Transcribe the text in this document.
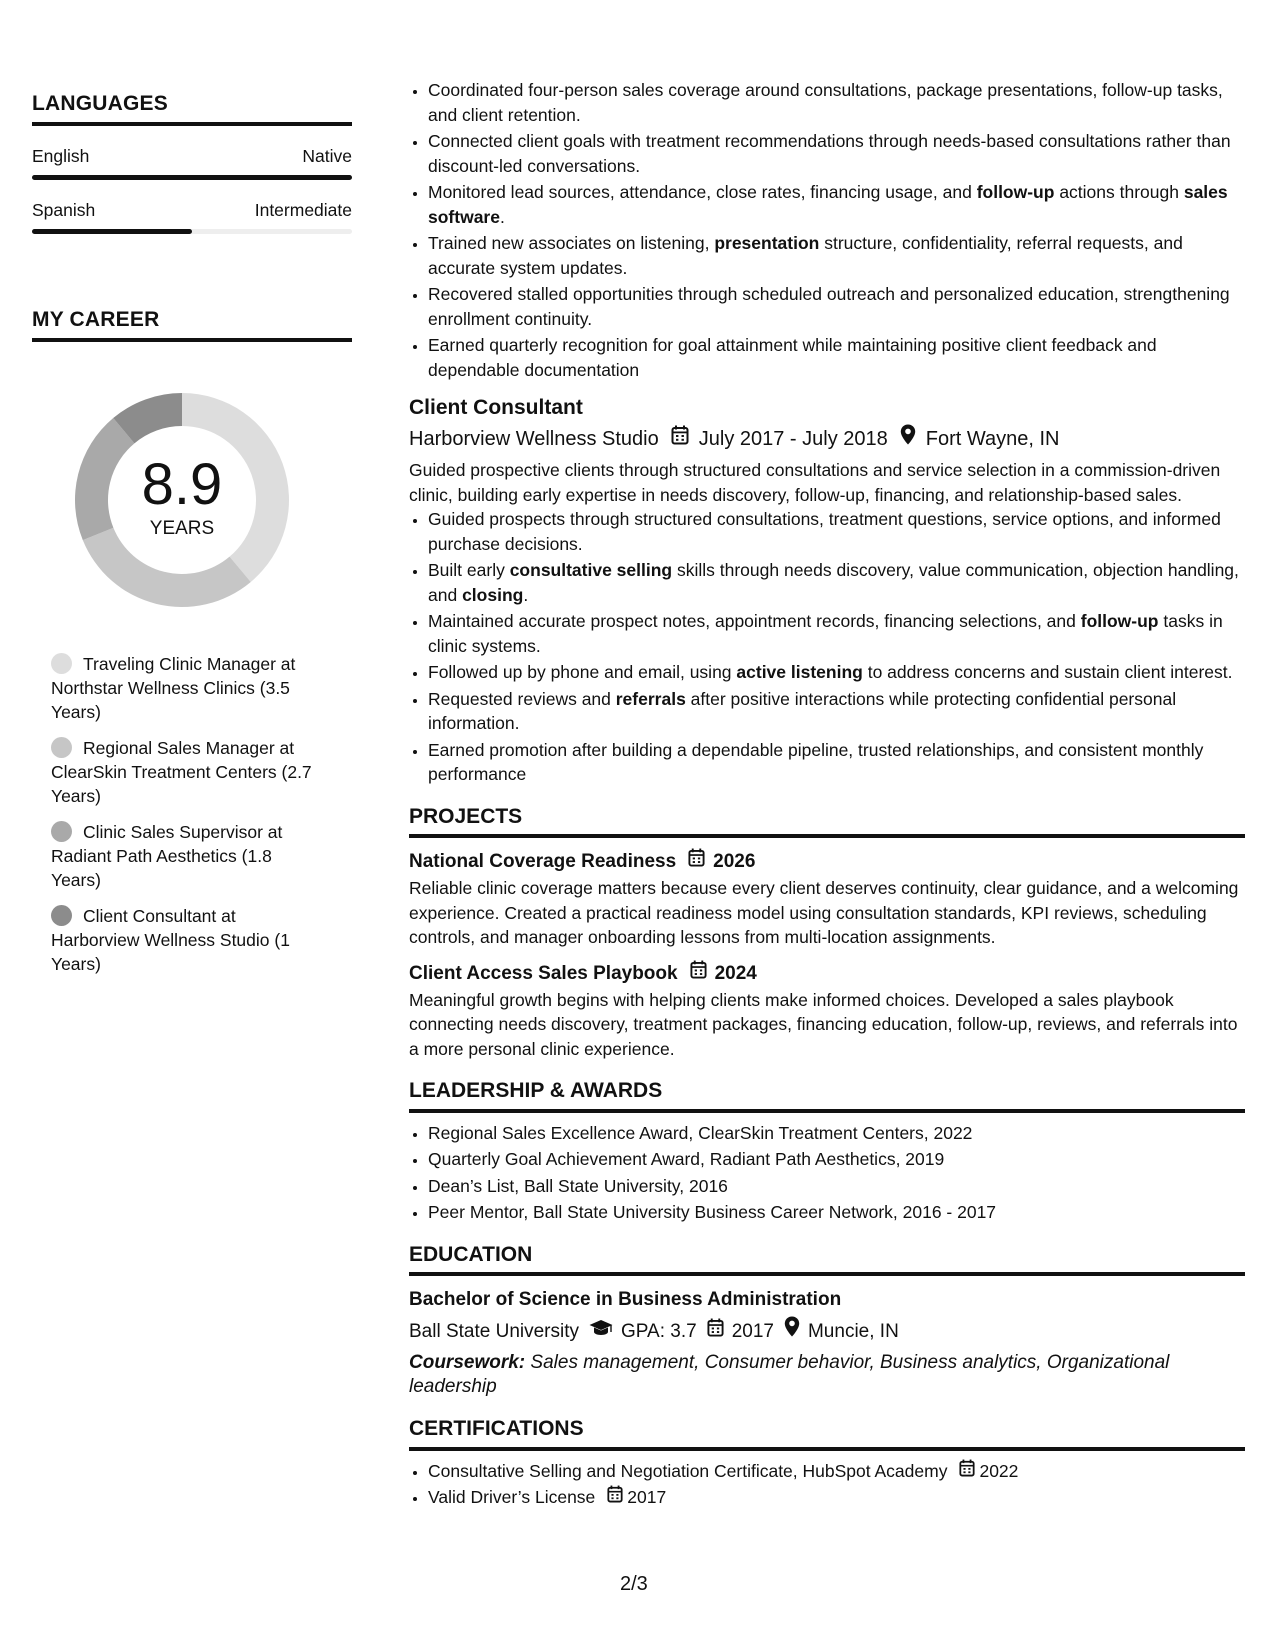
LANGUAGES
English	Native
Spanish	Intermediate
MY CAREER
8.9
YEARS
Traveling Clinic Manager at Northstar Wellness Clinics (3.5 Years)
Regional Sales Manager at ClearSkin Treatment Centers (2.7 Years)
Clinic Sales Supervisor at Radiant Path Aesthetics (1.8 Years)
Client Consultant at Harborview Wellness Studio (1 Years)
• Coordinated four-person sales coverage around consultations, package presentations, follow-up tasks, and client retention.
• Connected client goals with treatment recommendations through needs-based consultations rather than discount-led conversations.
• Monitored lead sources, attendance, close rates, financing usage, and follow-up actions through sales software.
• Trained new associates on listening, presentation structure, confidentiality, referral requests, and accurate system updates.
• Recovered stalled opportunities through scheduled outreach and personalized education, strengthening enrollment continuity.
• Earned quarterly recognition for goal attainment while maintaining positive client feedback and dependable documentation
Client Consultant
Harborview Wellness Studio July 2017 - July 2018 Fort Wayne, IN
Guided prospective clients through structured consultations and service selection in a commission-driven clinic, building early expertise in needs discovery, follow-up, financing, and relationship-based sales.
• Guided prospects through structured consultations, treatment questions, service options, and informed purchase decisions.
• Built early consultative selling skills through needs discovery, value communication, objection handling, and closing.
• Maintained accurate prospect notes, appointment records, financing selections, and follow-up tasks in clinic systems.
• Followed up by phone and email, using active listening to address concerns and sustain client interest.
• Requested reviews and referrals after positive interactions while protecting confidential personal information.
• Earned promotion after building a dependable pipeline, trusted relationships, and consistent monthly performance
PROJECTS
National Coverage Readiness 2026
Reliable clinic coverage matters because every client deserves continuity, clear guidance, and a welcoming experience. Created a practical readiness model using consultation standards, KPI reviews, scheduling controls, and manager onboarding lessons from multi-location assignments.
Client Access Sales Playbook 2024
Meaningful growth begins with helping clients make informed choices. Developed a sales playbook connecting needs discovery, treatment packages, financing education, follow-up, reviews, and referrals into a more personal clinic experience.
LEADERSHIP & AWARDS
• Regional Sales Excellence Award, ClearSkin Treatment Centers, 2022
• Quarterly Goal Achievement Award, Radiant Path Aesthetics, 2019
• Dean’s List, Ball State University, 2016
• Peer Mentor, Ball State University Business Career Network, 2016 - 2017
EDUCATION
Bachelor of Science in Business Administration
Ball State University GPA: 3.7 2017 Muncie, IN
Coursework: Sales management, Consumer behavior, Business analytics, Organizational leadership
CERTIFICATIONS
• Consultative Selling and Negotiation Certificate, HubSpot Academy 2022
• Valid Driver’s License 2017
2/3
